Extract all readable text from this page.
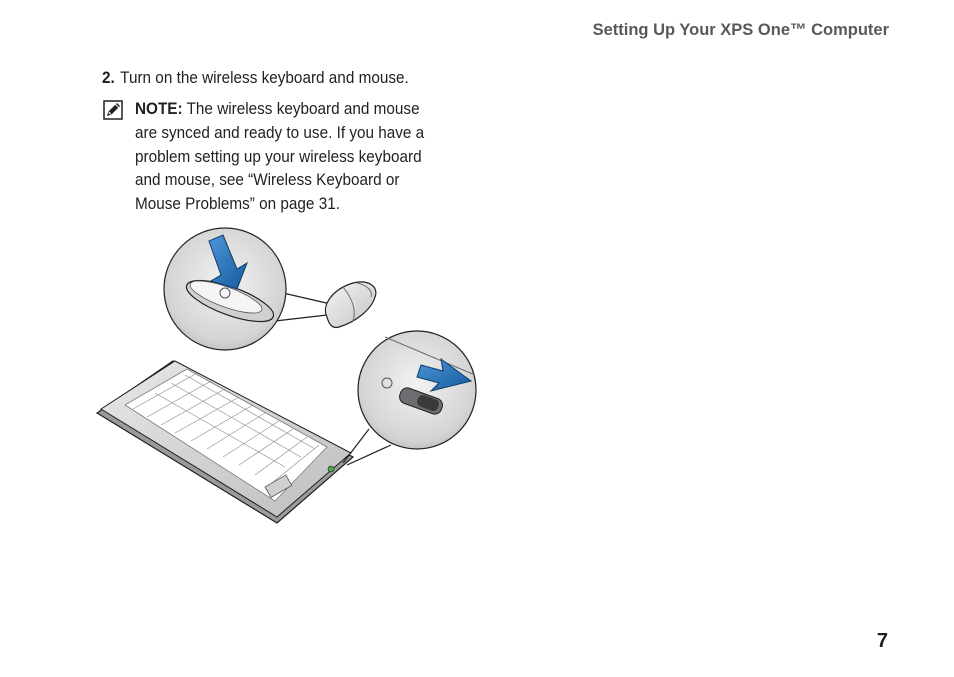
Setting Up Your XPS One™ Computer
2. Turn on the wireless keyboard and mouse.
NOTE: The wireless keyboard and mouse
are synced and ready to use. If you have a
problem setting up your wireless keyboard
and mouse, see “Wireless Keyboard or
Mouse Problems” on page 31.
7
